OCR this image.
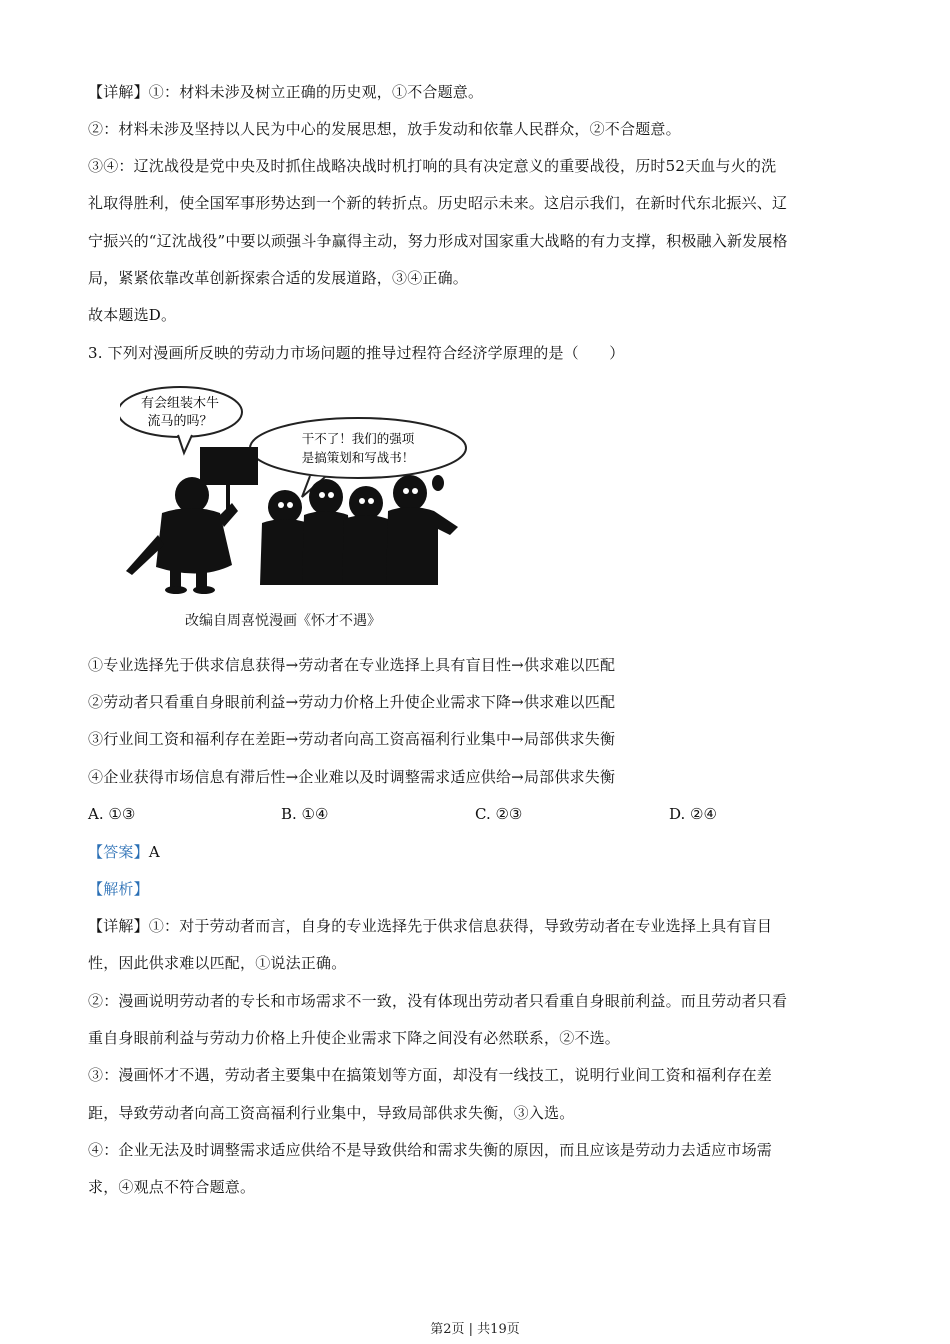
【详解】①：材料未涉及树立正确的历史观，①不合题意。
②：材料未涉及坚持以人民为中心的发展思想，放手发动和依靠人民群众，②不合题意。
③④：辽沈战役是党中央及时抓住战略决战时机打响的具有决定意义的重要战役，历时52天血与火的洗
礼取得胜利，使全国军事形势达到一个新的转折点。历史昭示未来。这启示我们，在新时代东北振兴、辽
宁振兴的“辽沈战役”中要以顽强斗争赢得主动，努力形成对国家重大战略的有力支撑，积极融入新发展格
局，紧紧依靠改革创新探索合适的发展道路，③④正确。
故本题选D。
3. 下列对漫画所反映的劳动力市场问题的推导过程符合经济学原理的是（　　）
有会组装木牛
流马的吗？
干不了！我们的强项
是搞策划和写战书！
改编自周喜悦漫画《怀才不遇》
①专业选择先于供求信息获得→劳动者在专业选择上具有盲目性→供求难以匹配
②劳动者只看重自身眼前利益→劳动力价格上升使企业需求下降→供求难以匹配
③行业间工资和福利存在差距→劳动者向高工资高福利行业集中→局部供求失衡
④企业获得市场信息有滞后性→企业难以及时调整需求适应供给→局部供求失衡
A. ①③	B. ①④	C. ②③	D. ②④
【答案】A
【解析】
【详解】①：对于劳动者而言，自身的专业选择先于供求信息获得，导致劳动者在专业选择上具有盲目
性，因此供求难以匹配，①说法正确。
②：漫画说明劳动者的专长和市场需求不一致，没有体现出劳动者只看重自身眼前利益。而且劳动者只看
重自身眼前利益与劳动力价格上升使企业需求下降之间没有必然联系，②不选。
③：漫画怀才不遇，劳动者主要集中在搞策划等方面，却没有一线技工，说明行业间工资和福利存在差
距，导致劳动者向高工资高福利行业集中，导致局部供求失衡，③入选。
④：企业无法及时调整需求适应供给不是导致供给和需求失衡的原因，而且应该是劳动力去适应市场需
求，④观点不符合题意。
第2页 | 共19页
